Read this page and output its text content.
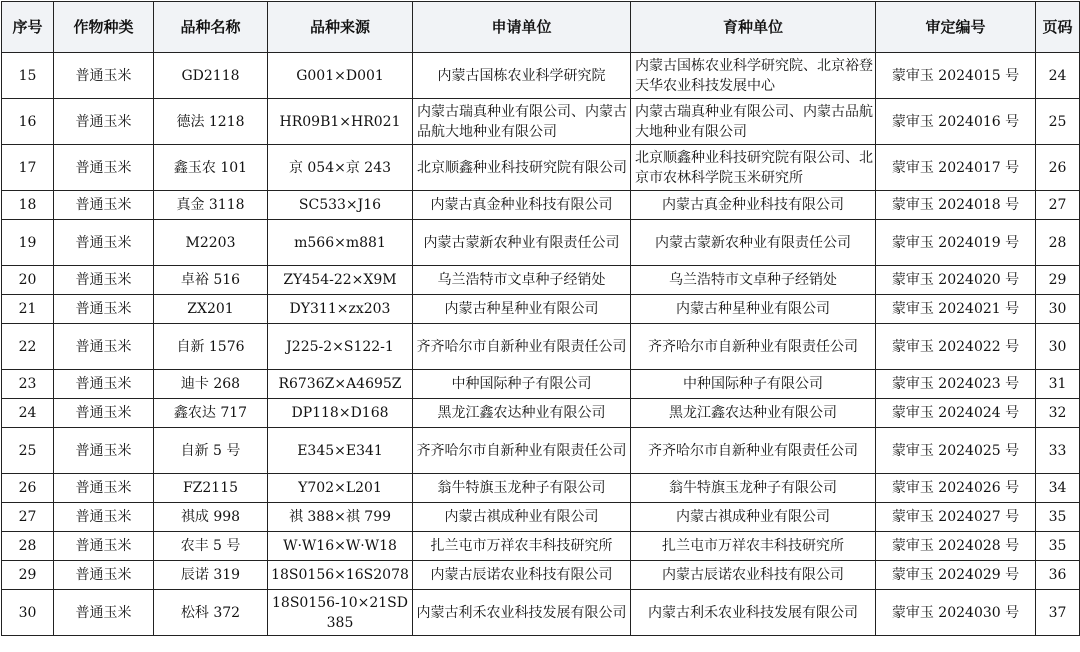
序号	作物种类	品种名称	品种来源	申请单位	育种单位	审定编号	页码
15	普通玉米	GD2118	G001×D001	内蒙古国栋农业科学研究院	内蒙古国栋农业科学研究院、北京裕登天华农业科技发展中心	蒙审玉 2024015 号	24
16	普通玉米	德法 1218	HR09B1×HR021	内蒙古瑞真种业有限公司、内蒙古品航大地种业有限公司	内蒙古瑞真种业有限公司、内蒙古品航大地种业有限公司	蒙审玉 2024016 号	25
17	普通玉米	鑫玉农 101	京 054×京 243	北京顺鑫种业科技研究院有限公司	北京顺鑫种业科技研究院有限公司、北京市农林科学院玉米研究所	蒙审玉 2024017 号	26
18	普通玉米	真金 3118	SC533×J16	内蒙古真金种业科技有限公司	内蒙古真金种业科技有限公司	蒙审玉 2024018 号	27
19	普通玉米	M2203	m566×m881	内蒙古蒙新农种业有限责任公司	内蒙古蒙新农种业有限责任公司	蒙审玉 2024019 号	28
20	普通玉米	卓裕 516	ZY454-22×X9M	乌兰浩特市文卓种子经销处	乌兰浩特市文卓种子经销处	蒙审玉 2024020 号	29
21	普通玉米	ZX201	DY311×zx203	内蒙古种星种业有限公司	内蒙古种星种业有限公司	蒙审玉 2024021 号	30
22	普通玉米	自新 1576	J225-2×S122-1	齐齐哈尔市自新种业有限责任公司	齐齐哈尔市自新种业有限责任公司	蒙审玉 2024022 号	30
23	普通玉米	迪卡 268	R6736Z×A4695Z	中种国际种子有限公司	中种国际种子有限公司	蒙审玉 2024023 号	31
24	普通玉米	鑫农达 717	DP118×D168	黑龙江鑫农达种业有限公司	黑龙江鑫农达种业有限公司	蒙审玉 2024024 号	32
25	普通玉米	自新 5 号	E345×E341	齐齐哈尔市自新种业有限责任公司	齐齐哈尔市自新种业有限责任公司	蒙审玉 2024025 号	33
26	普通玉米	FZ2115	Y702×L201	翁牛特旗玉龙种子有限公司	翁牛特旗玉龙种子有限公司	蒙审玉 2024026 号	34
27	普通玉米	祺成 998	祺 388×祺 799	内蒙古祺成种业有限公司	内蒙古祺成种业有限公司	蒙审玉 2024027 号	35
28	普通玉米	农丰 5 号	W·W16×W·W18	扎兰屯市万祥农丰科技研究所	扎兰屯市万祥农丰科技研究所	蒙审玉 2024028 号	35
29	普通玉米	辰诺 319	18S0156×16S2078	内蒙古辰诺农业科技有限公司	内蒙古辰诺农业科技有限公司	蒙审玉 2024029 号	36
30	普通玉米	松科 372	18S0156-10×21SD385	内蒙古利禾农业科技发展有限公司	内蒙古利禾农业科技发展有限公司	蒙审玉 2024030 号	37
